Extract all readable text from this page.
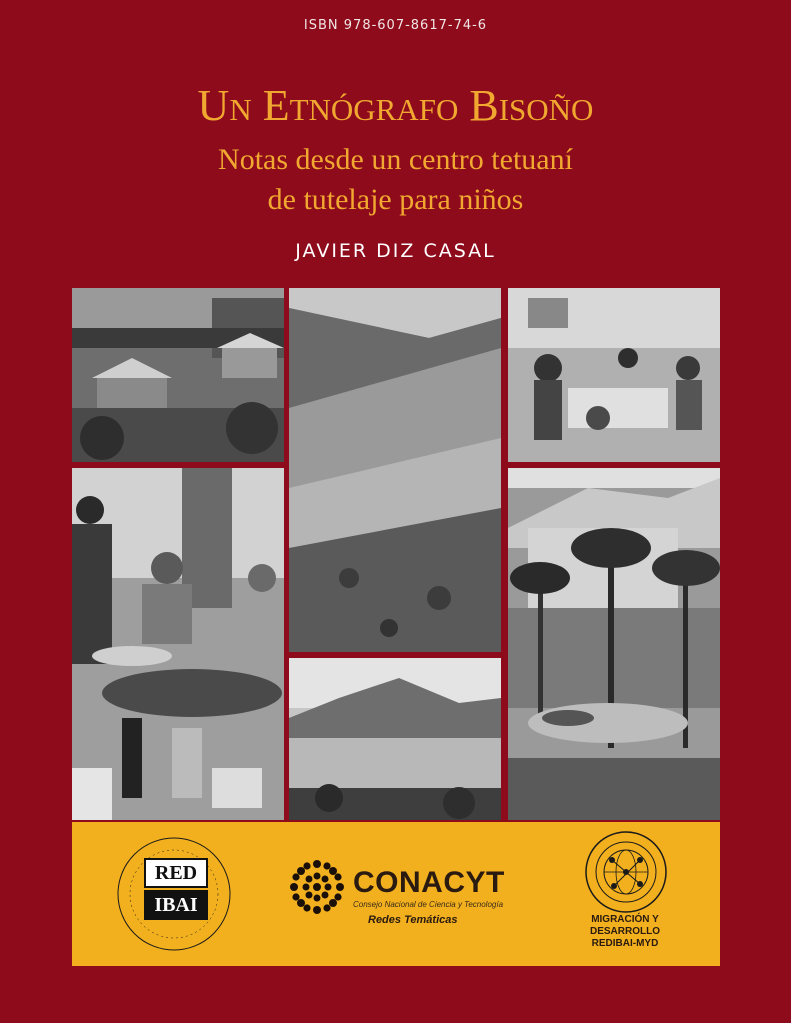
ISBN 978-607-8617-74-6
Un Etnógrafo Bisoño
Notas desde un centro tetuaní
de tutelaje para niños
JAVIER DIZ CASAL
RED
IBAI
CONACYT
Consejo Nacional de Ciencia y Tecnología
Redes Temáticas	MIGRACIÓN Y DESARROLLO
REDIBAI-MYD
